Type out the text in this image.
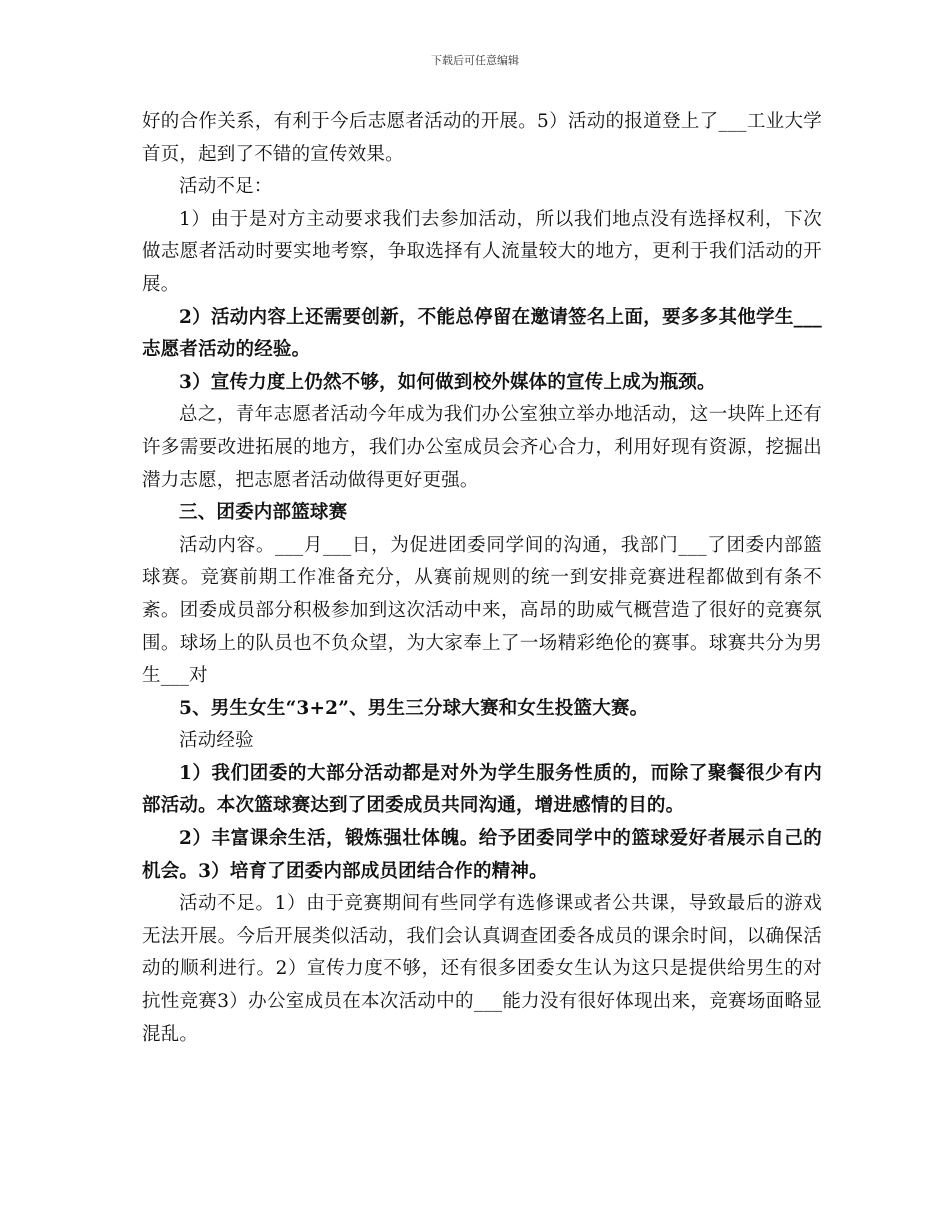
下载后可任意编辑

好的合作关系，有利于今后志愿者活动的开展。5）活动的报道登上了___工业大学首页，起到了不错的宣传效果。

活动不足：

1）由于是对方主动要求我们去参加活动，所以我们地点没有选择权利，下次做志愿者活动时要实地考察，争取选择有人流量较大的地方，更利于我们活动的开展。

2）活动内容上还需要创新，不能总停留在邀请签名上面，要多多其他学生___志愿者活动的经验。

3）宣传力度上仍然不够，如何做到校外媒体的宣传上成为瓶颈。

总之，青年志愿者活动今年成为我们办公室独立举办地活动，这一块阵上还有许多需要改进拓展的地方，我们办公室成员会齐心合力，利用好现有资源，挖掘出潜力志愿，把志愿者活动做得更好更强。

三、团委内部篮球赛

活动内容。___月___日，为促进团委同学间的沟通，我部门___了团委内部篮球赛。竞赛前期工作准备充分，从赛前规则的统一到安排竞赛进程都做到有条不紊。团委成员部分积极参加到这次活动中来，高昂的助威气概营造了很好的竞赛氛围。球场上的队员也不负众望，为大家奉上了一场精彩绝伦的赛事。球赛共分为男生___对

5、男生女生“3+2”、男生三分球大赛和女生投篮大赛。

活动经验

1）我们团委的大部分活动都是对外为学生服务性质的，而除了聚餐很少有内部活动。本次篮球赛达到了团委成员共同沟通，增进感情的目的。

2）丰富课余生活，锻炼强壮体魄。给予团委同学中的篮球爱好者展示自己的机会。3）培育了团委内部成员团结合作的精神。

活动不足。1）由于竞赛期间有些同学有选修课或者公共课，导致最后的游戏无法开展。今后开展类似活动，我们会认真调查团委各成员的课余时间，以确保活动的顺利进行。2）宣传力度不够，还有很多团委女生认为这只是提供给男生的对抗性竞赛3）办公室成员在本次活动中的___能力没有很好体现出来，竞赛场面略显混乱。
